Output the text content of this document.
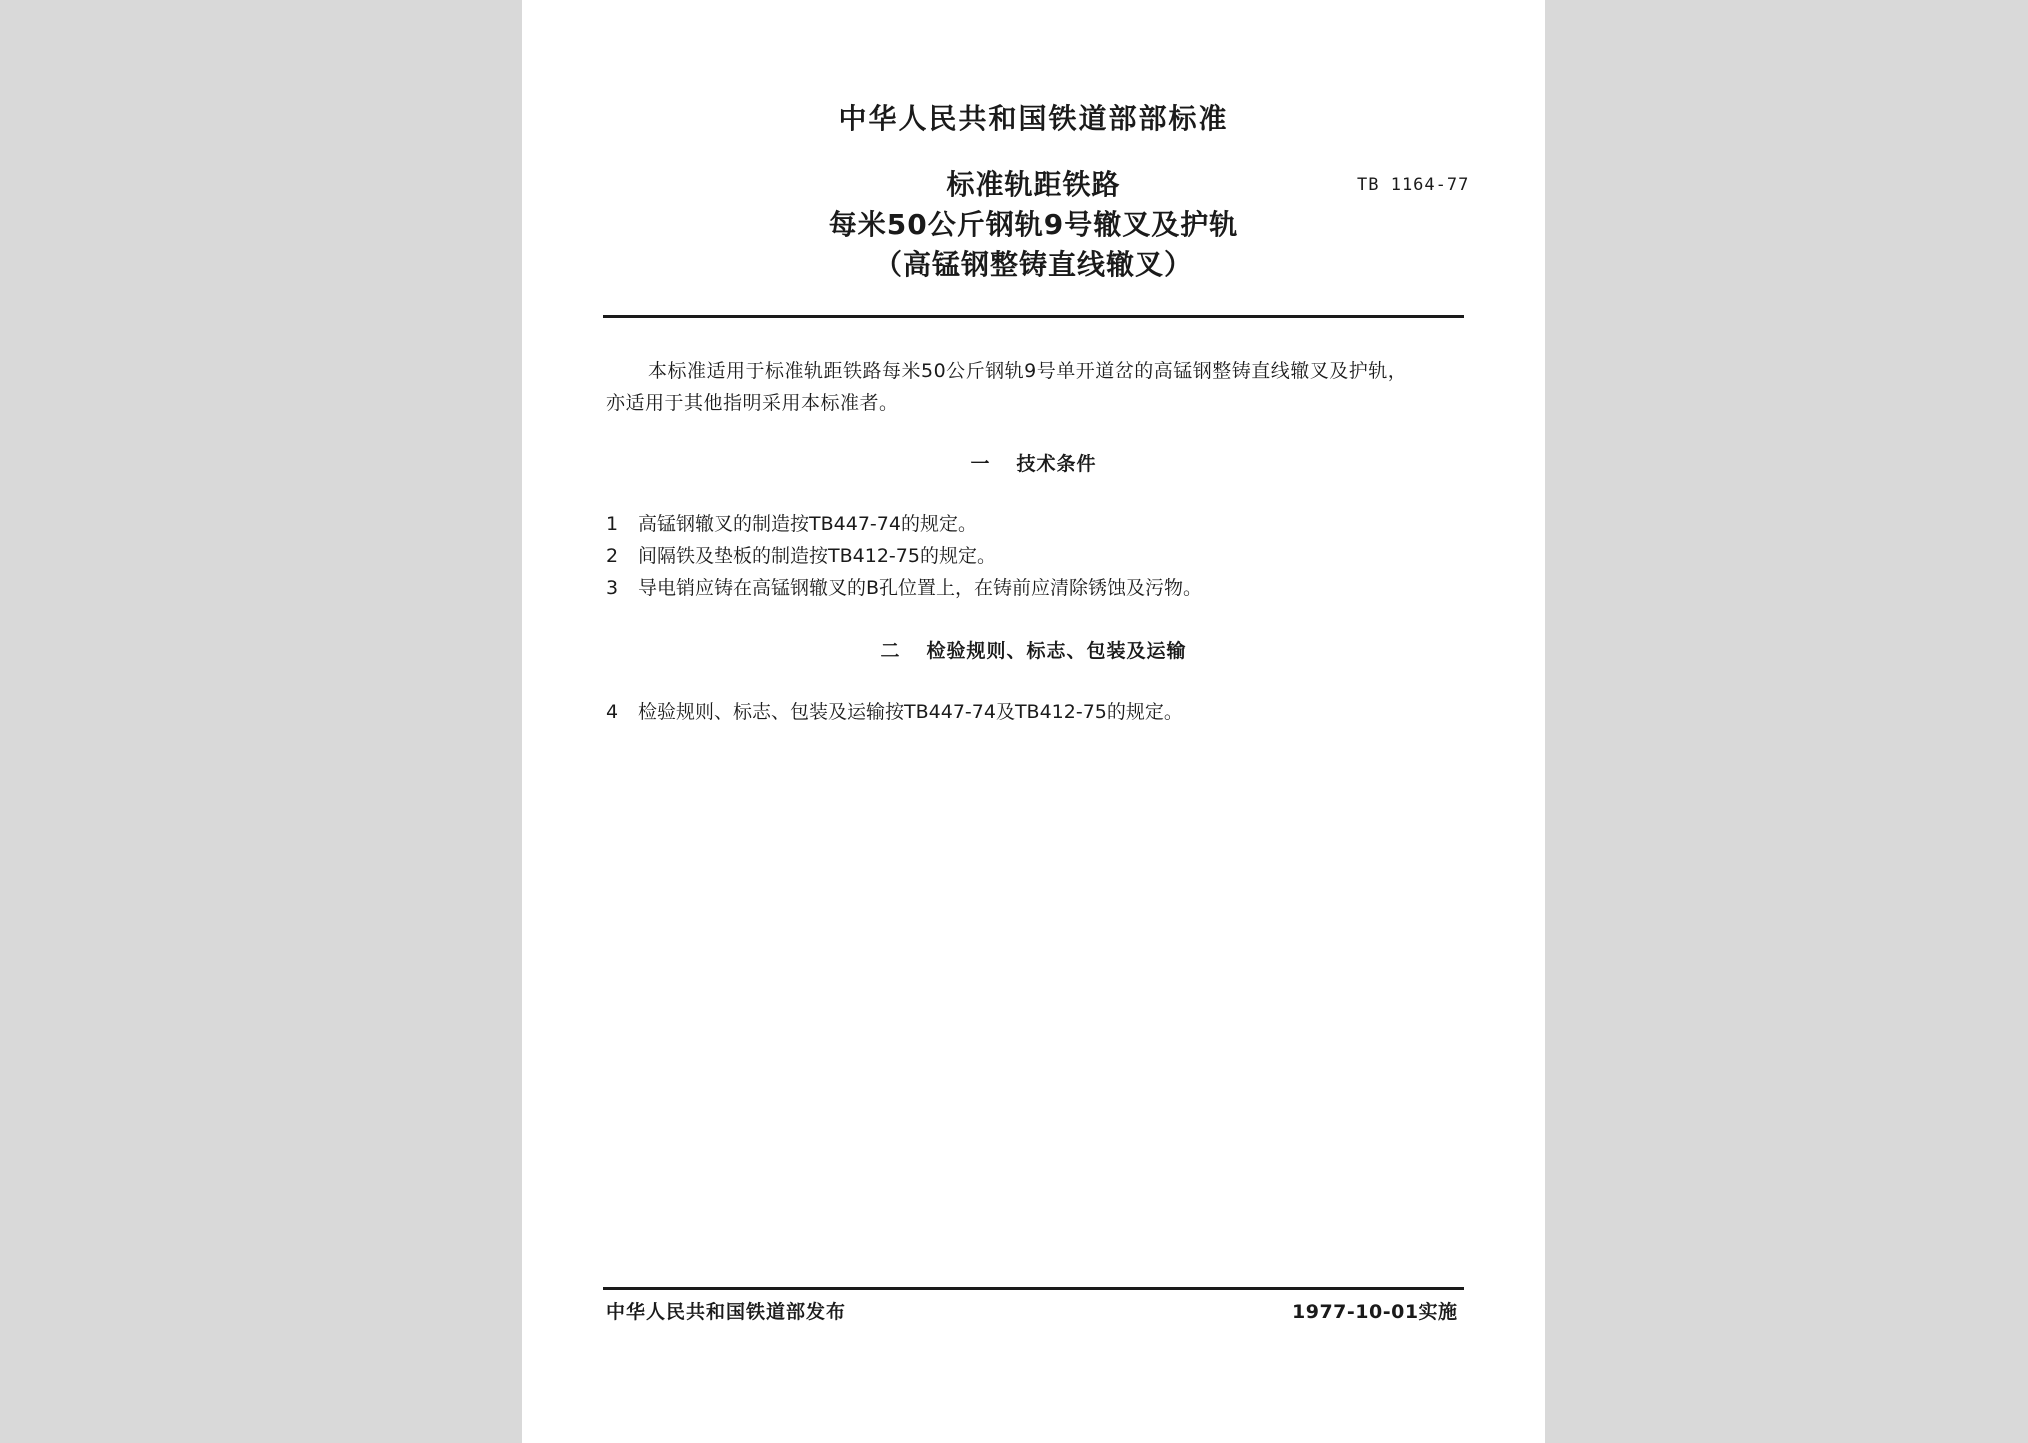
中华人民共和国铁道部部标准
标准轨距铁路
每米50公斤钢轨9号辙叉及护轨
（高锰钢整铸直线辙叉）
TB 1164-77

本标准适用于标准轨距铁路每米50公斤钢轨9号单开道岔的高锰钢整铸直线辙叉及护轨，

亦适用于其他指明采用本标准者。
一 技术条件
1	高锰钢辙叉的制造按TB447-74的规定。
2	间隔铁及垫板的制造按TB412-75的规定。
3	导电销应铸在高锰钢辙叉的B孔位置上，在铸前应清除锈蚀及污物。
二 检验规则、标志、包装及运输
4	检验规则、标志、包装及运输按TB447-74及TB412-75的规定。
中华人民共和国铁道部发布	1977-10-01实施
